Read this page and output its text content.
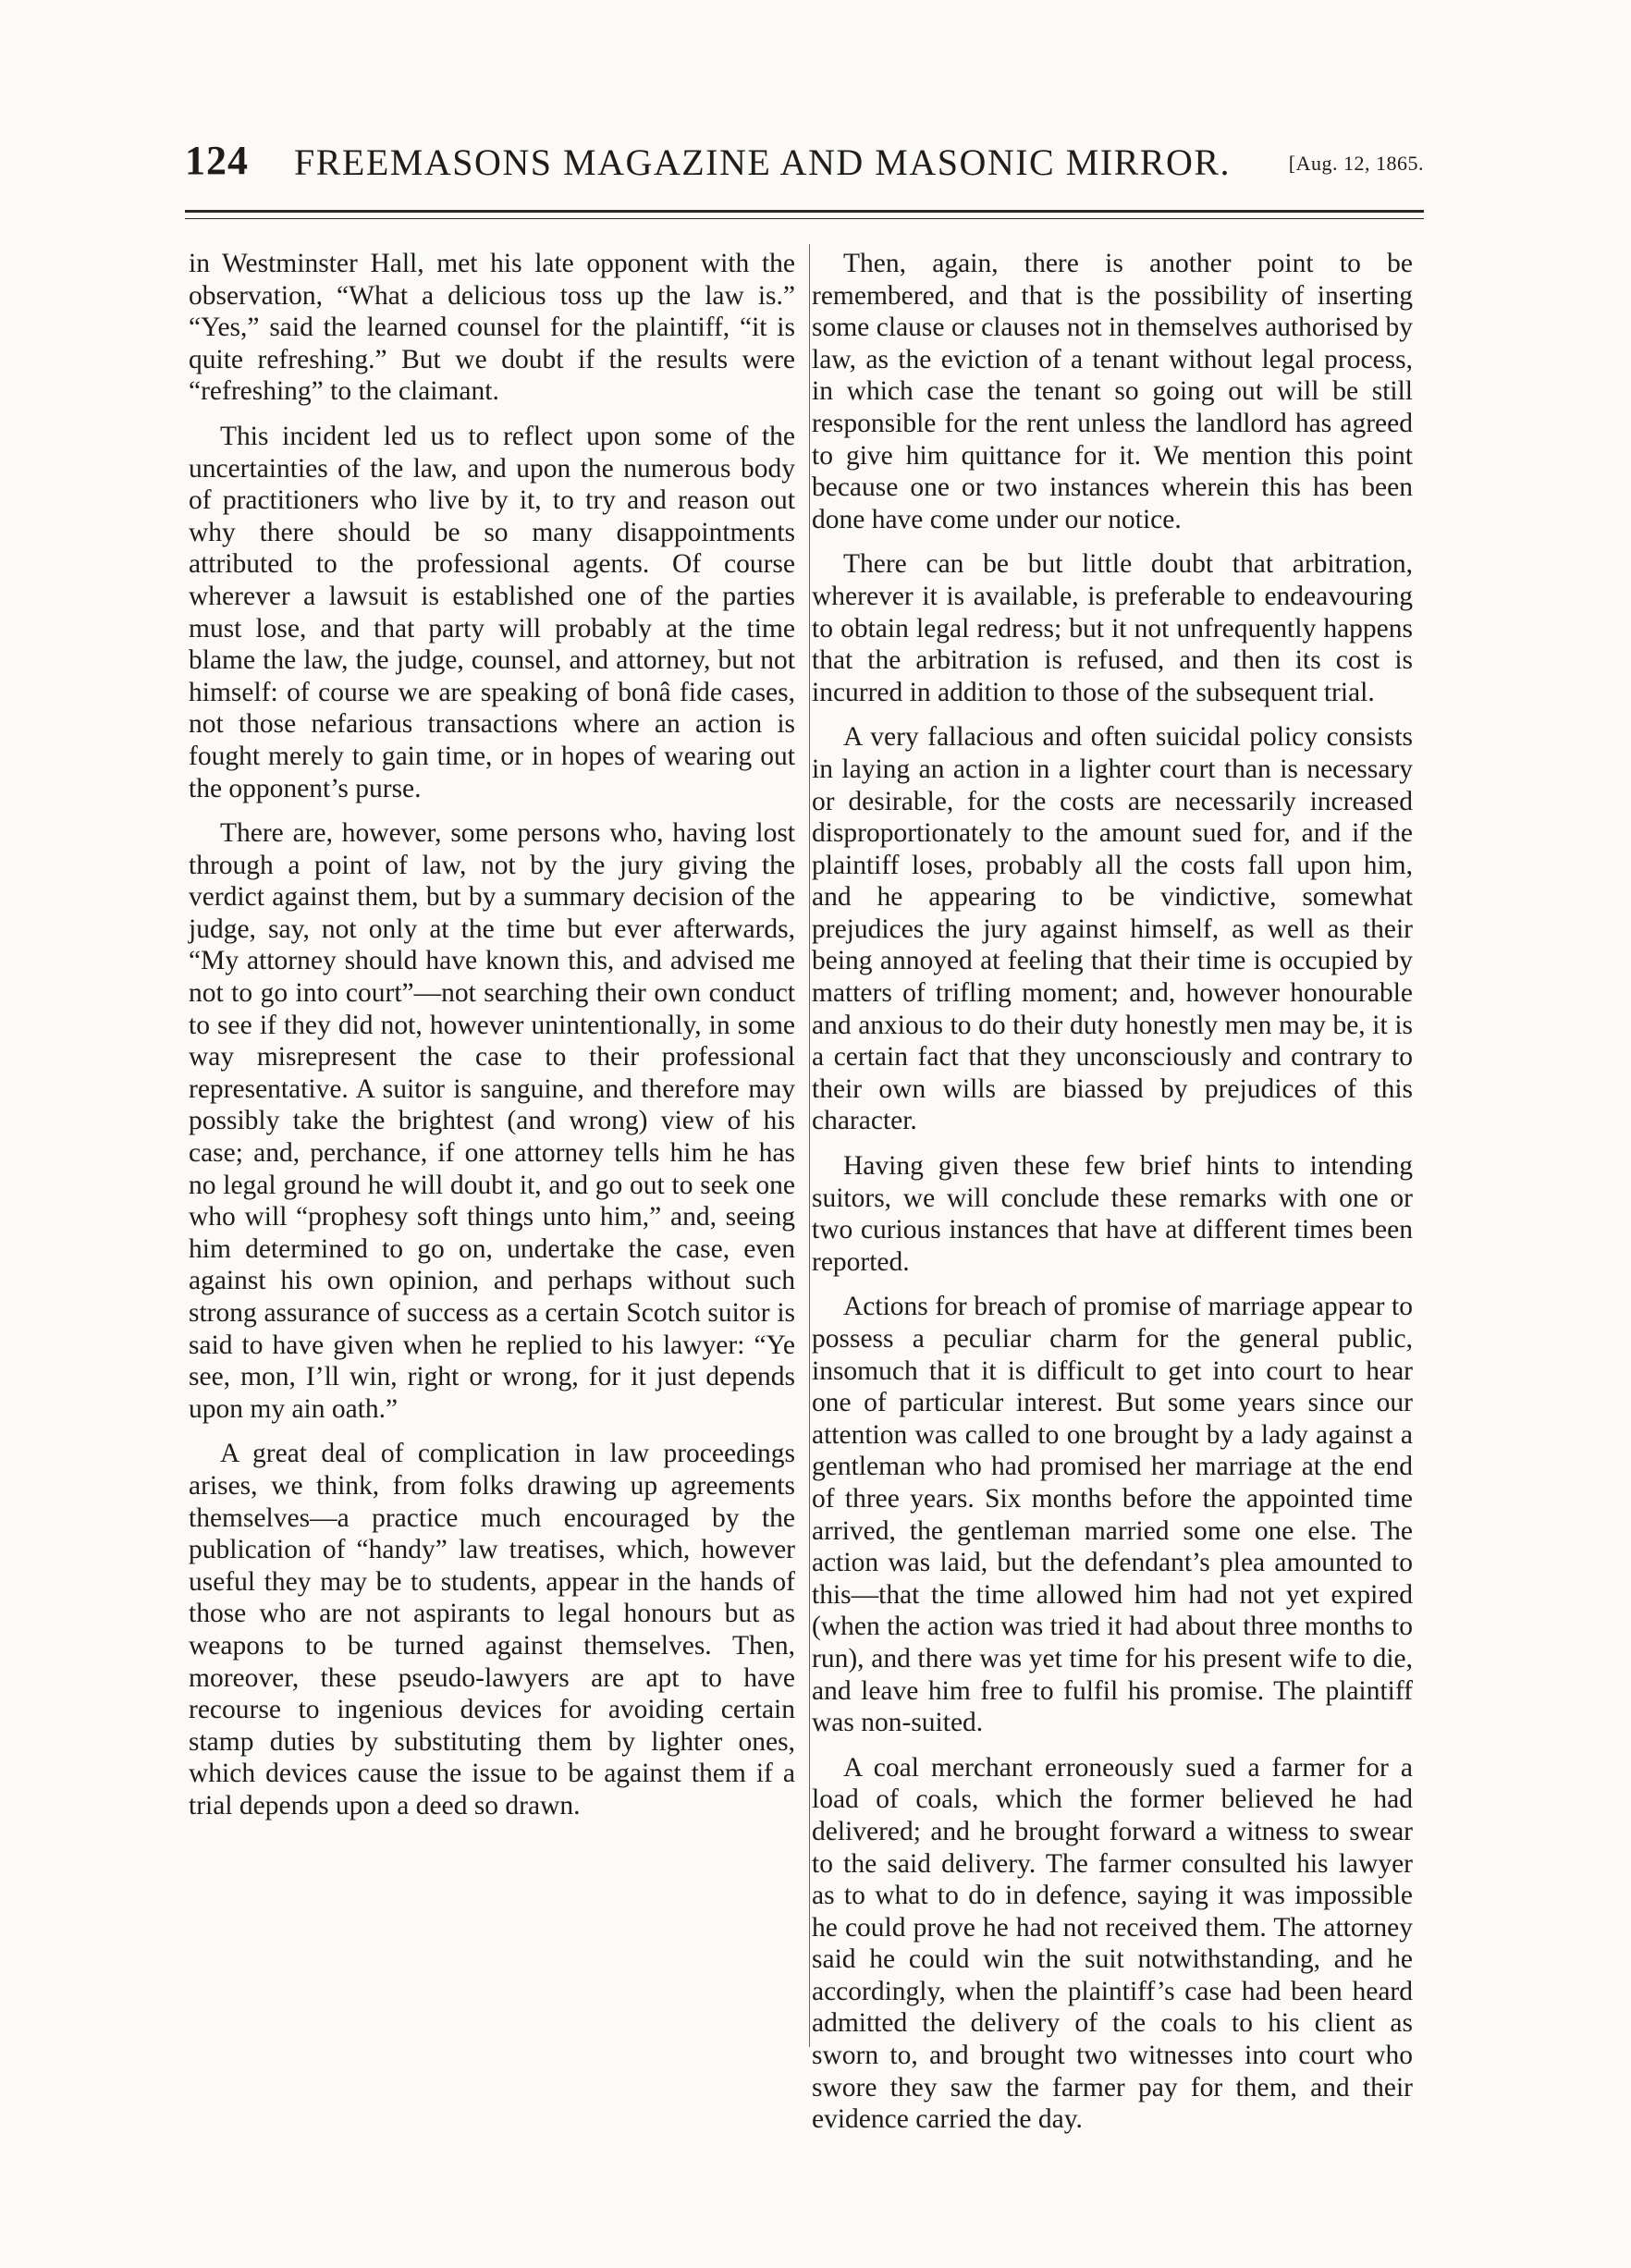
124 FREEMASONS MAGAZINE AND MASONIC MIRROR.	[Aug. 12, 1865.

in Westminster Hall, met his late opponent with the observation, “What a delicious toss up the law is.” “Yes,” said the learned counsel for the plaintiff, “it is quite refreshing.” But we doubt if the results were “refreshing” to the claimant.

This incident led us to reflect upon some of the uncertainties of the law, and upon the numerous body of practitioners who live by it, to try and reason out why there should be so many disappointments attributed to the professional agents. Of course wherever a lawsuit is established one of the parties must lose, and that party will probably at the time blame the law, the judge, counsel, and attorney, but not himself: of course we are speaking of bonâ fide cases, not those nefarious transactions where an action is fought merely to gain time, or in hopes of wearing out the opponent’s purse.

There are, however, some persons who, having lost through a point of law, not by the jury giving the verdict against them, but by a summary decision of the judge, say, not only at the time but ever afterwards, “My attorney should have known this, and advised me not to go into court”—not searching their own conduct to see if they did not, however unintentionally, in some way misrepresent the case to their professional representative. A suitor is sanguine, and therefore may possibly take the brightest (and wrong) view of his case; and, perchance, if one attorney tells him he has no legal ground he will doubt it, and go out to seek one who will “prophesy soft things unto him,” and, seeing him determined to go on, undertake the case, even against his own opinion, and perhaps without such strong assurance of success as a certain Scotch suitor is said to have given when he replied to his lawyer: “Ye see, mon, I’ll win, right or wrong, for it just depends upon my ain oath.”

A great deal of complication in law proceedings arises, we think, from folks drawing up agreements themselves—a practice much encouraged by the publication of “handy” law treatises, which, however useful they may be to students, appear in the hands of those who are not aspirants to legal honours but as weapons to be turned against themselves. Then, moreover, these pseudo-lawyers are apt to have recourse to ingenious devices for avoiding certain stamp duties by substituting them by lighter ones, which devices cause the issue to be against them if a trial depends upon a deed so drawn.

Then, again, there is another point to be remembered, and that is the possibility of inserting some clause or clauses not in themselves authorised by law, as the eviction of a tenant without legal process, in which case the tenant so going out will be still responsible for the rent unless the landlord has agreed to give him quittance for it. We mention this point because one or two instances wherein this has been done have come under our notice.

There can be but little doubt that arbitration, wherever it is available, is preferable to endeavouring to obtain legal redress; but it not unfrequently happens that the arbitration is refused, and then its cost is incurred in addition to those of the subsequent trial.

A very fallacious and often suicidal policy consists in laying an action in a lighter court than is necessary or desirable, for the costs are necessarily increased disproportionately to the amount sued for, and if the plaintiff loses, probably all the costs fall upon him, and he appearing to be vindictive, somewhat prejudices the jury against himself, as well as their being annoyed at feeling that their time is occupied by matters of trifling moment; and, however honourable and anxious to do their duty honestly men may be, it is a certain fact that they unconsciously and contrary to their own wills are biassed by prejudices of this character.

Having given these few brief hints to intending suitors, we will conclude these remarks with one or two curious instances that have at different times been reported.

Actions for breach of promise of marriage appear to possess a peculiar charm for the general public, insomuch that it is difficult to get into court to hear one of particular interest. But some years since our attention was called to one brought by a lady against a gentleman who had promised her marriage at the end of three years. Six months before the appointed time arrived, the gentleman married some one else. The action was laid, but the defendant’s plea amounted to this—that the time allowed him had not yet expired (when the action was tried it had about three months to run), and there was yet time for his present wife to die, and leave him free to fulfil his promise. The plaintiff was non-suited.

A coal merchant erroneously sued a farmer for a load of coals, which the former believed he had delivered; and he brought forward a witness to swear to the said delivery. The farmer consulted his lawyer as to what to do in defence, saying it was impossible he could prove he had not received them. The attorney said he could win the suit notwithstanding, and he accordingly, when the plaintiff’s case had been heard admitted the delivery of the coals to his client as sworn to, and brought two witnesses into court who swore they saw the farmer pay for them, and their evidence carried the day.
